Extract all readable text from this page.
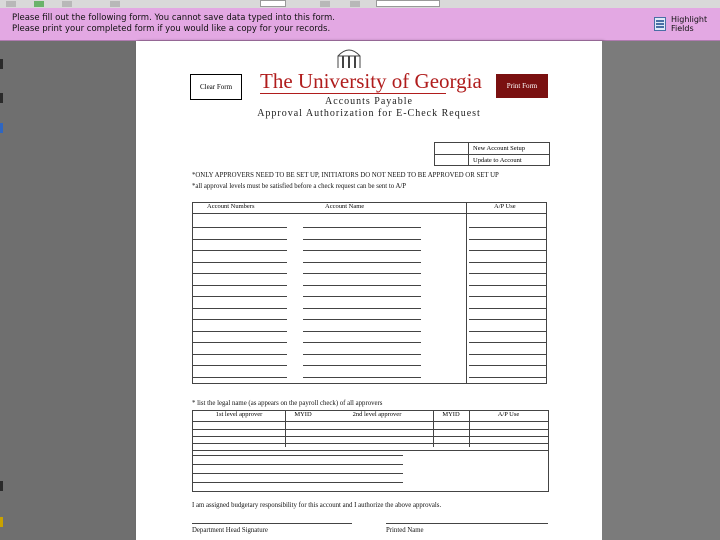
Please fill out the following form. You cannot save data typed into this form.
Please print your completed form if you would like a copy for your records.
Highlight Fields
Clear Form	The University of Georgia	Print Form
Accounts Payable
Approval Authorization for E-Check Request
New Account Setup
Update to Account
*ONLY APPROVERS NEED TO BE SET UP, INITIATORS DO NOT NEED TO BE APPROVED OR SET UP
*all approval levels must be satisfied before a check request can be sent to A/P
Account Numbers	Account Name	A/P Use
* list the legal name (as appears on the payroll check) of all approvers
1st level approver	MYID	2nd level approver	MYID	A/P Use
I am assigned budgetary responsibility for this account and I authorize the above approvals.
Department Head Signature	Printed Name
